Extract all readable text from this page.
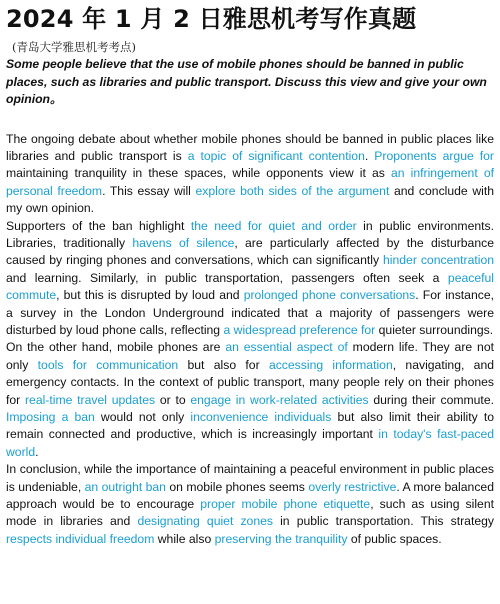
2024 年 1 月 2 日雅思机考写作真题
(青岛大学雅思机考考点)

Some people believe that the use of mobile phones should be banned in public places, such as libraries and public transport. Discuss this view and give your own opinion。

The ongoing debate about whether mobile phones should be banned in public places like libraries and public transport is a topic of significant contention. Proponents argue for maintaining tranquility in these spaces, while opponents view it as an infringement of personal freedom. This essay will explore both sides of the argument and conclude with my own opinion.

Supporters of the ban highlight the need for quiet and order in public environments. Libraries, traditionally havens of silence, are particularly affected by the disturbance caused by ringing phones and conversations, which can significantly hinder concentration and learning. Similarly, in public transportation, passengers often seek a peaceful commute, but this is disrupted by loud and prolonged phone conversations. For instance, a survey in the London Underground indicated that a majority of passengers were disturbed by loud phone calls, reflecting a widespread preference for quieter surroundings.

On the other hand, mobile phones are an essential aspect of modern life. They are not only tools for communication but also for accessing information, navigating, and emergency contacts. In the context of public transport, many people rely on their phones for real-time travel updates or to engage in work-related activities during their commute. Imposing a ban would not only inconvenience individuals but also limit their ability to remain connected and productive, which is increasingly important in today's fast-paced world.

In conclusion, while the importance of maintaining a peaceful environment in public places is undeniable, an outright ban on mobile phones seems overly restrictive. A more balanced approach would be to encourage proper mobile phone etiquette, such as using silent mode in libraries and designating quiet zones in public transportation. This strategy respects individual freedom while also preserving the tranquility of public spaces.
